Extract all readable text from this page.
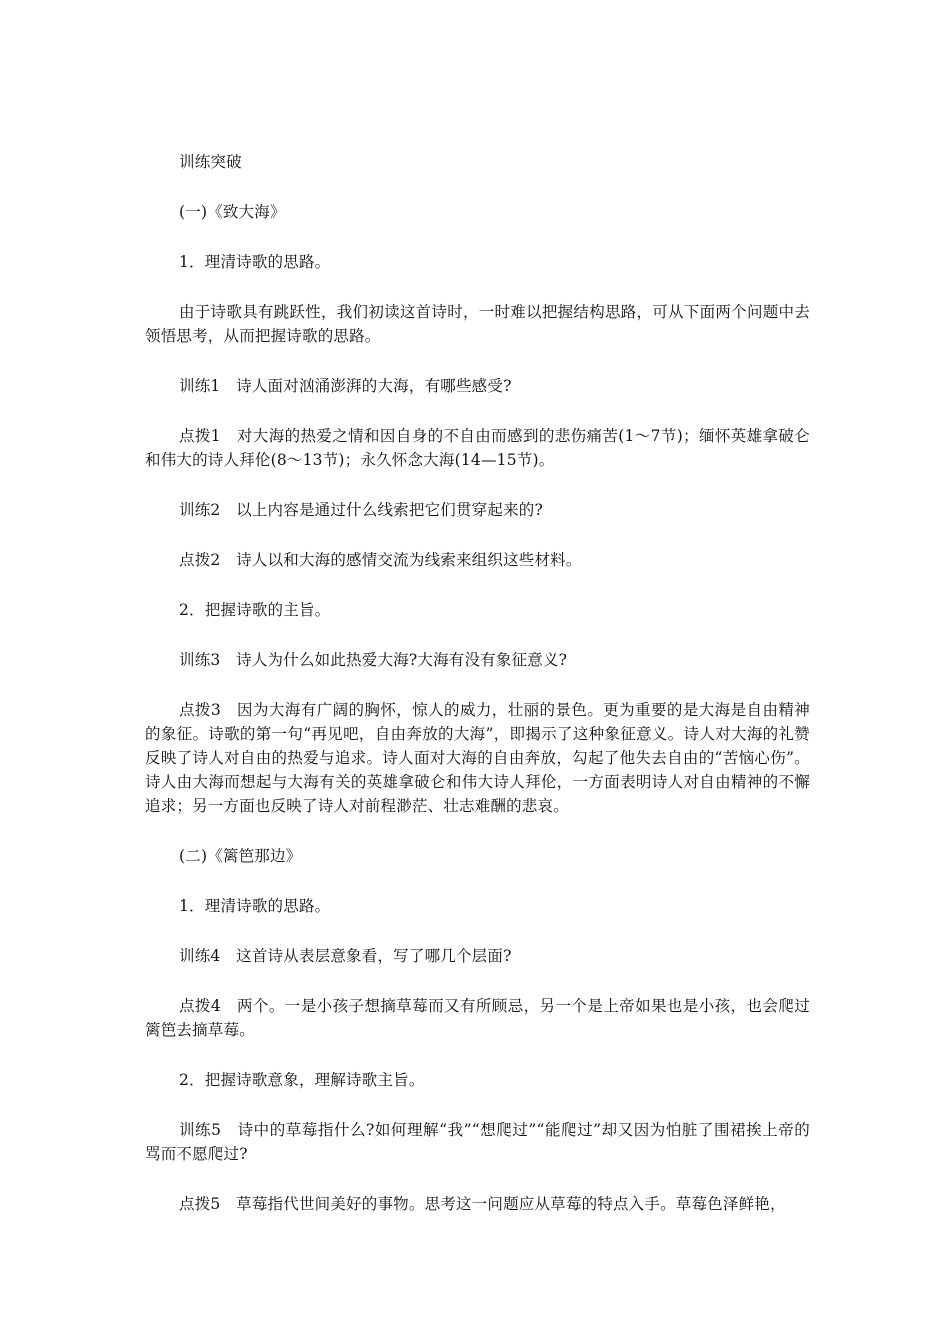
训练突破

(一)《致大海》

1．理清诗歌的思路。

由于诗歌具有跳跃性，我们初读这首诗时，一时难以把握结构思路，可从下面两个问题中去领悟思考，从而把握诗歌的思路。

训练1　诗人面对汹涌澎湃的大海，有哪些感受?

点拨1　对大海的热爱之情和因自身的不自由而感到的悲伤痛苦(1～7节)；缅怀英雄拿破仑和伟大的诗人拜伦(8～13节)；永久怀念大海(14—15节)。

训练2　以上内容是通过什么线索把它们贯穿起来的?

点拨2　诗人以和大海的感情交流为线索来组织这些材料。

2．把握诗歌的主旨。

训练3　诗人为什么如此热爱大海?大海有没有象征意义?

点拨3　因为大海有广阔的胸怀，惊人的威力，壮丽的景色。更为重要的是大海是自由精神的象征。诗歌的第一句“再见吧，自由奔放的大海”，即揭示了这种象征意义。诗人对大海的礼赞反映了诗人对自由的热爱与追求。诗人面对大海的自由奔放，勾起了他失去自由的“苦恼心伤”。诗人由大海而想起与大海有关的英雄拿破仑和伟大诗人拜伦，一方面表明诗人对自由精神的不懈追求；另一方面也反映了诗人对前程渺茫、壮志难酬的悲哀。

(二)《篱笆那边》

1．理清诗歌的思路。

训练4　这首诗从表层意象看，写了哪几个层面?

点拨4　两个。一是小孩子想摘草莓而又有所顾忌，另一个是上帝如果也是小孩，也会爬过篱笆去摘草莓。

2．把握诗歌意象，理解诗歌主旨。

训练5　诗中的草莓指什么?如何理解“我”“想爬过”“能爬过”却又因为怕脏了围裙挨上帝的骂而不愿爬过?

点拨5　草莓指代世间美好的事物。思考这一问题应从草莓的特点入手。草莓色泽鲜艳，
